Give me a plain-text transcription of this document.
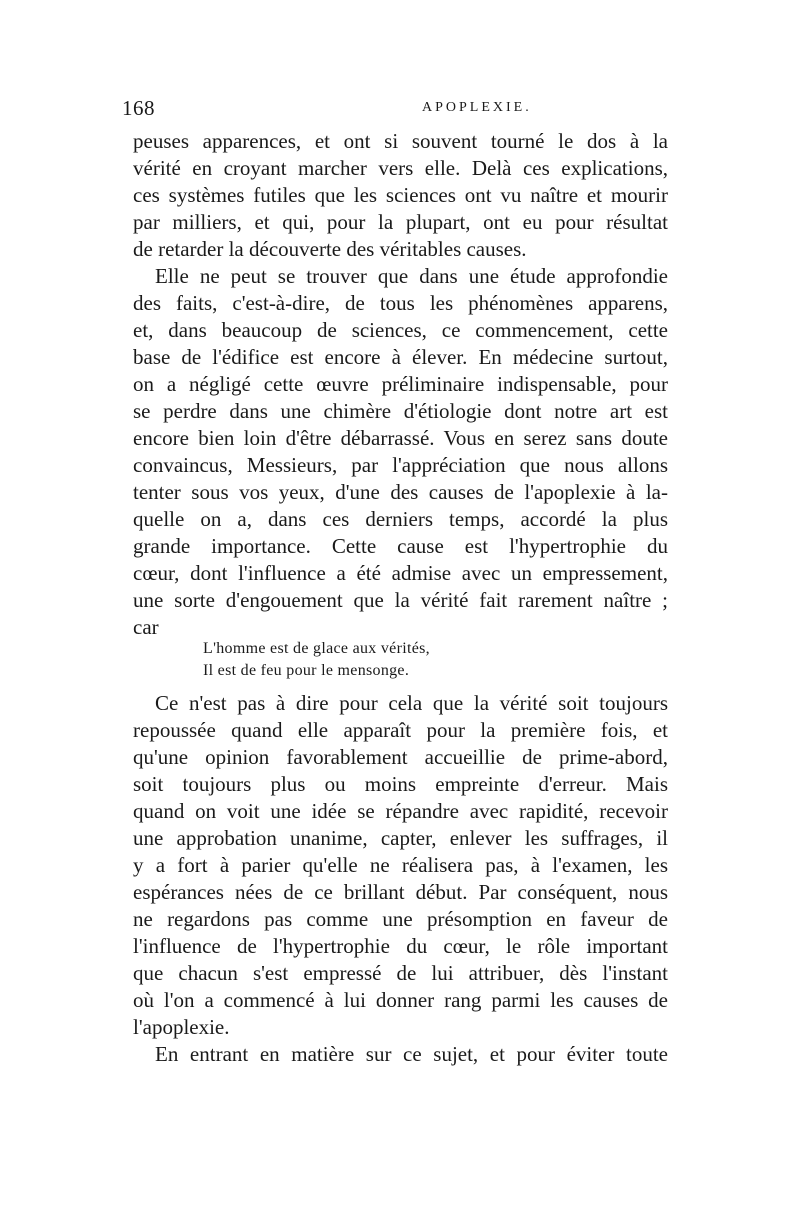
168	APOPLEXIE.
peuses apparences, et ont si souvent tourné le dos à la
vérité en croyant marcher vers elle. Delà ces explications,
ces systèmes futiles que les sciences ont vu naître et mourir
par milliers, et qui, pour la plupart, ont eu pour résultat
de retarder la découverte des véritables causes.
Elle ne peut se trouver que dans une étude approfondie
des faits, c'est-à-dire, de tous les phénomènes apparens,
et, dans beaucoup de sciences, ce commencement, cette
base de l'édifice est encore à élever. En médecine surtout,
on a négligé cette œuvre préliminaire indispensable, pour
se perdre dans une chimère d'étiologie dont notre art est
encore bien loin d'être débarrassé. Vous en serez sans doute
convaincus, Messieurs, par l'appréciation que nous allons
tenter sous vos yeux, d'une des causes de l'apoplexie à la-
quelle on a, dans ces derniers temps, accordé la plus
grande importance. Cette cause est l'hypertrophie du
cœur, dont l'influence a été admise avec un empressement,
une sorte d'engouement que la vérité fait rarement naître ;
car
L'homme est de glace aux vérités,
Il est de feu pour le mensonge.
Ce n'est pas à dire pour cela que la vérité soit toujours
repoussée quand elle apparaît pour la première fois, et
qu'une opinion favorablement accueillie de prime-abord,
soit toujours plus ou moins empreinte d'erreur. Mais
quand on voit une idée se répandre avec rapidité, recevoir
une approbation unanime, capter, enlever les suffrages, il
y a fort à parier qu'elle ne réalisera pas, à l'examen, les
espérances nées de ce brillant début. Par conséquent, nous
ne regardons pas comme une présomption en faveur de
l'influence de l'hypertrophie du cœur, le rôle important
que chacun s'est empressé de lui attribuer, dès l'instant
où l'on a commencé à lui donner rang parmi les causes de
l'apoplexie.
En entrant en matière sur ce sujet, et pour éviter toute
